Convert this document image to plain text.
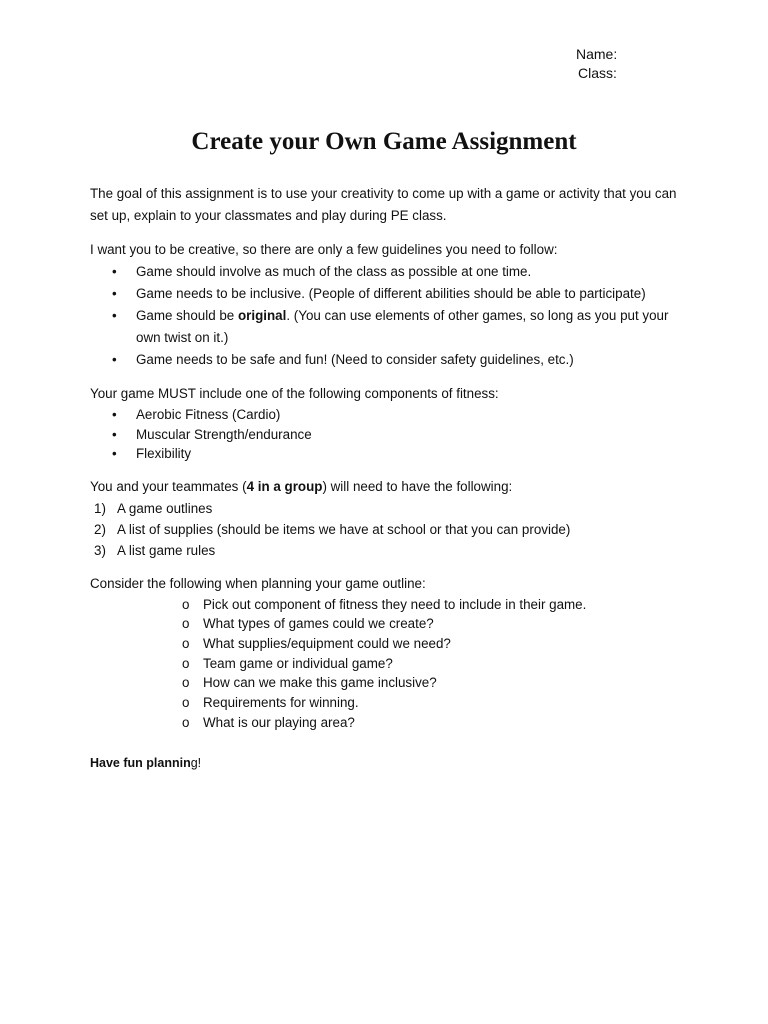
Name:
Class:
Create your Own Game Assignment

The goal of this assignment is to use your creativity to come up with a game or activity that you can set up, explain to your classmates and play during PE class.

I want you to be creative, so there are only a few guidelines you need to follow:

• Game should involve as much of the class as possible at one time.
• Game needs to be inclusive. (People of different abilities should be able to participate)
• Game should be original. (You can use elements of other games, so long as you put your own twist on it.)
• Game needs to be safe and fun! (Need to consider safety guidelines, etc.)

Your game MUST include one of the following components of fitness:

• Aerobic Fitness (Cardio)
• Muscular Strength/endurance
• Flexibility

You and your teammates (4 in a group) will need to have the following:

1) A game outlines
2) A list of supplies (should be items we have at school or that you can provide)
3) A list game rules

Consider the following when planning your game outline:

o Pick out component of fitness they need to include in their game.
o What types of games could we create?
o What supplies/equipment could we need?
o Team game or individual game?
o How can we make this game inclusive?
o Requirements for winning.
o What is our playing area?

Have fun planning!
